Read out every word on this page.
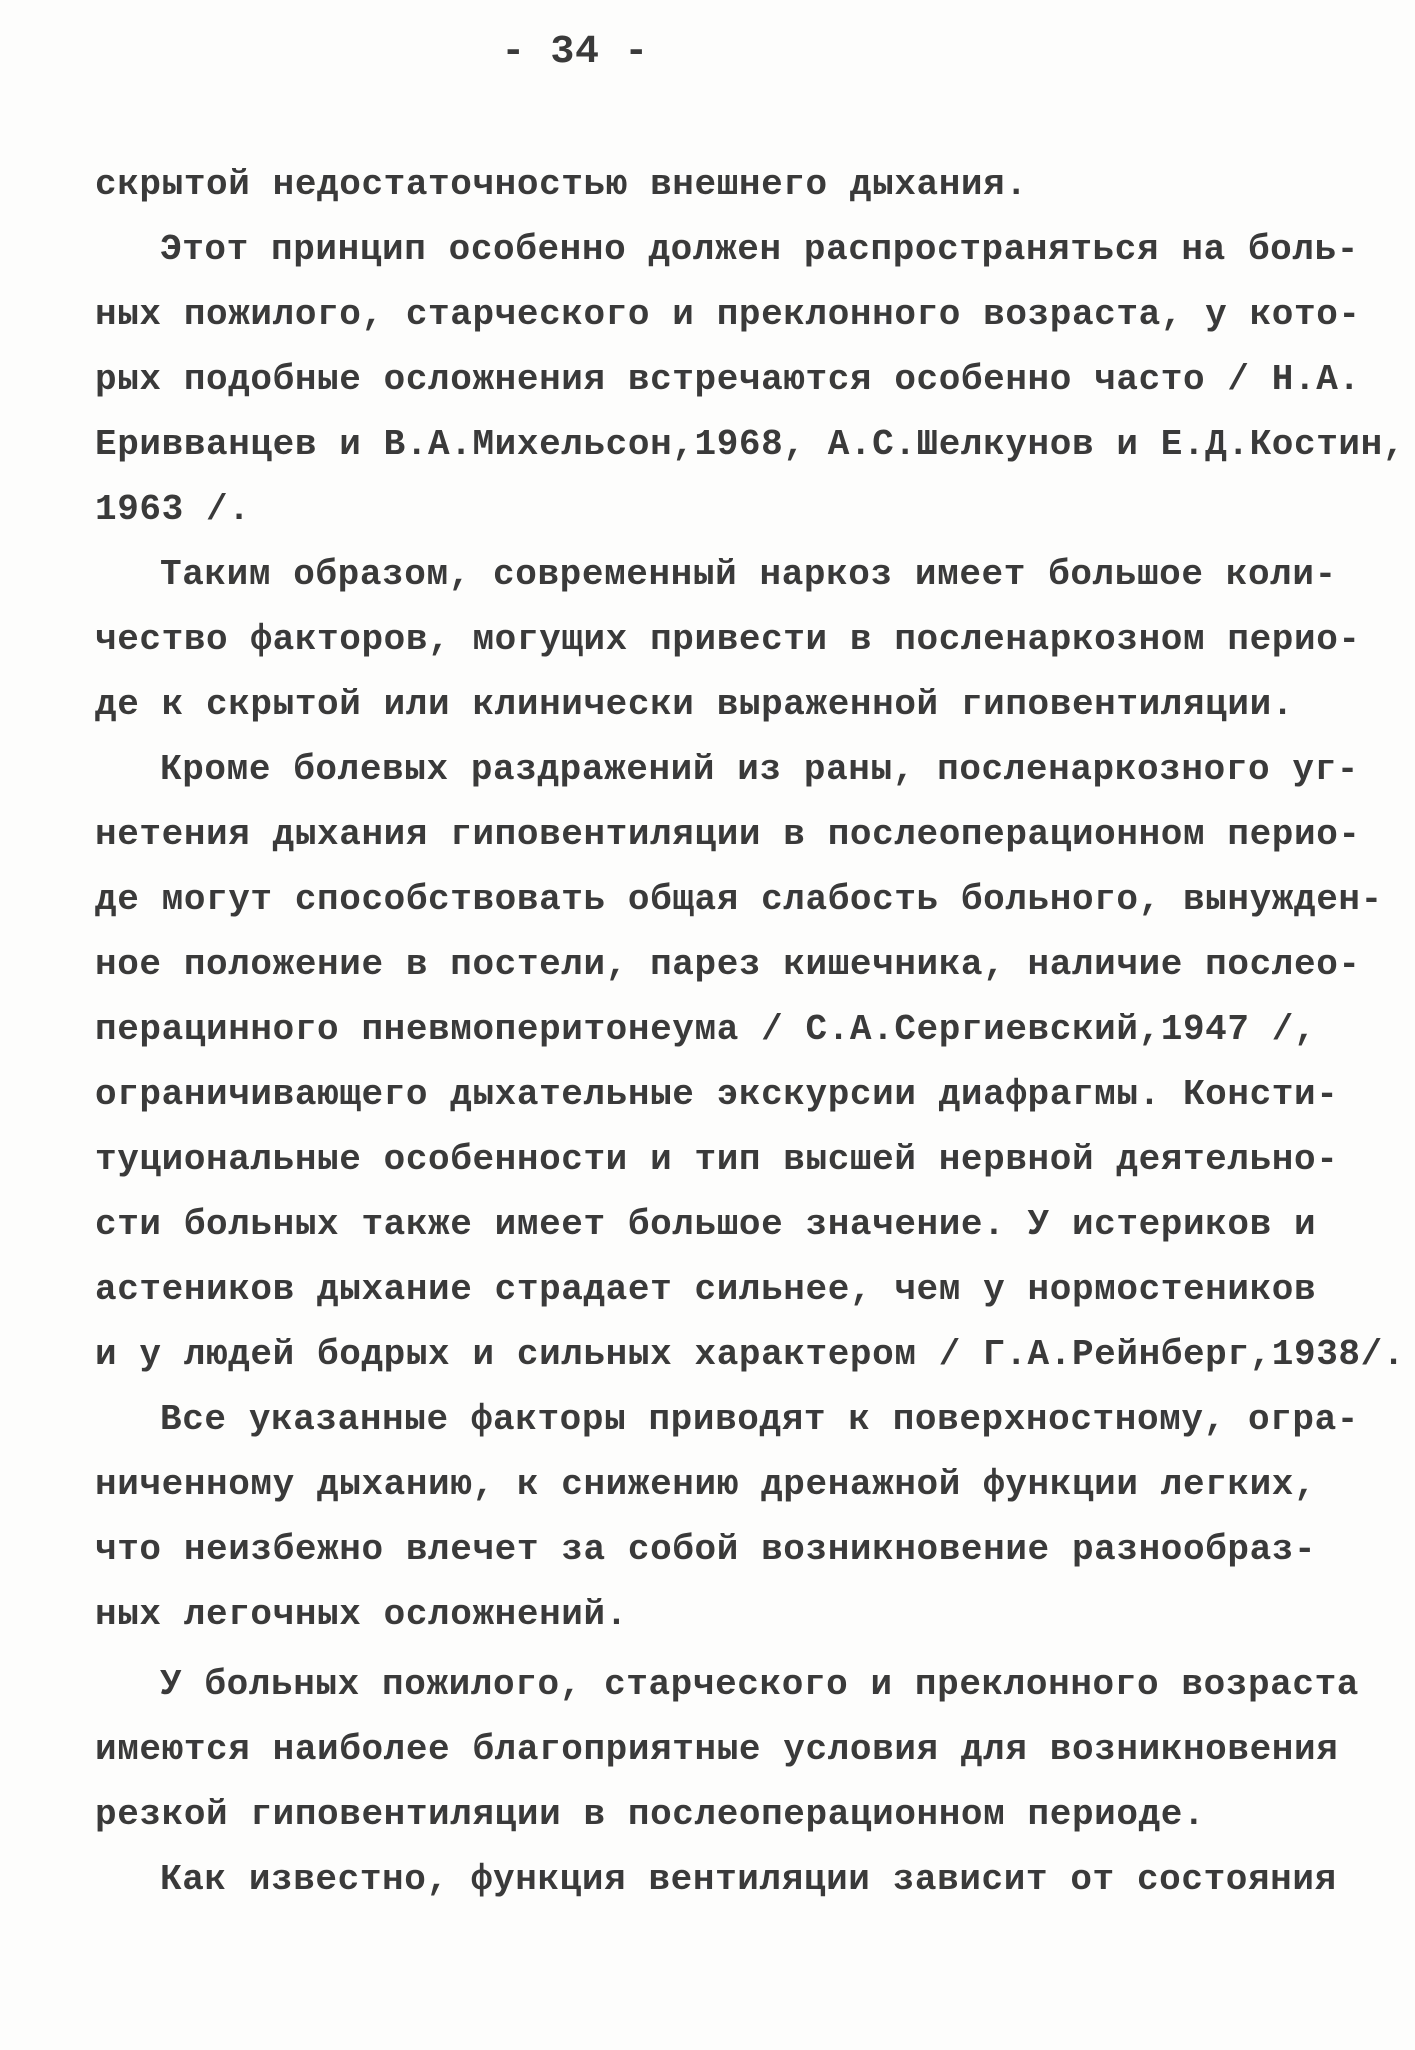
- 34 -
скрытой недостаточностью внешнего дыхания.
Этот принцип особенно должен распространяться на боль-
ных пожилого, старческого и преклонного возраста, у кото-
рых подобные осложнения встречаются особенно часто / Н.А.
Еривванцев и В.А.Михельсон,1968, А.С.Шелкунов и Е.Д.Костин,
1963 /.
Таким образом, современный наркоз имеет большое коли-
чество факторов, могущих привести в посленаркозном перио-
де к скрытой или клинически выраженной гиповентиляции.
Кроме болевых раздражений из раны, посленаркозного уг-
нетения дыхания гиповентиляции в послеоперационном перио-
де могут способствовать общая слабость больного, вынужден-
ное положение в постели, парез кишечника, наличие послео-
перацинного пневмоперитонеума / С.А.Сергиевский,1947 /,
ограничивающего дыхательные экскурсии диафрагмы. Консти-
туциональные особенности и тип высшей нервной деятельно-
сти больных также имеет большое значение. У истериков и
астеников дыхание страдает сильнее, чем у нормостеников
и у людей бодрых и сильных характером / Г.А.Рейнберг,1938/.
Все указанные факторы приводят к поверхностному, огра-
ниченному дыханию, к снижению дренажной функции легких,
что неизбежно влечет за собой возникновение разнообраз-
ных легочных осложнений.
У больных пожилого, старческого и преклонного возраста
имеются наиболее благоприятные условия для возникновения
резкой гиповентиляции в послеоперационном периоде.
Как известно, функция вентиляции зависит от состояния
